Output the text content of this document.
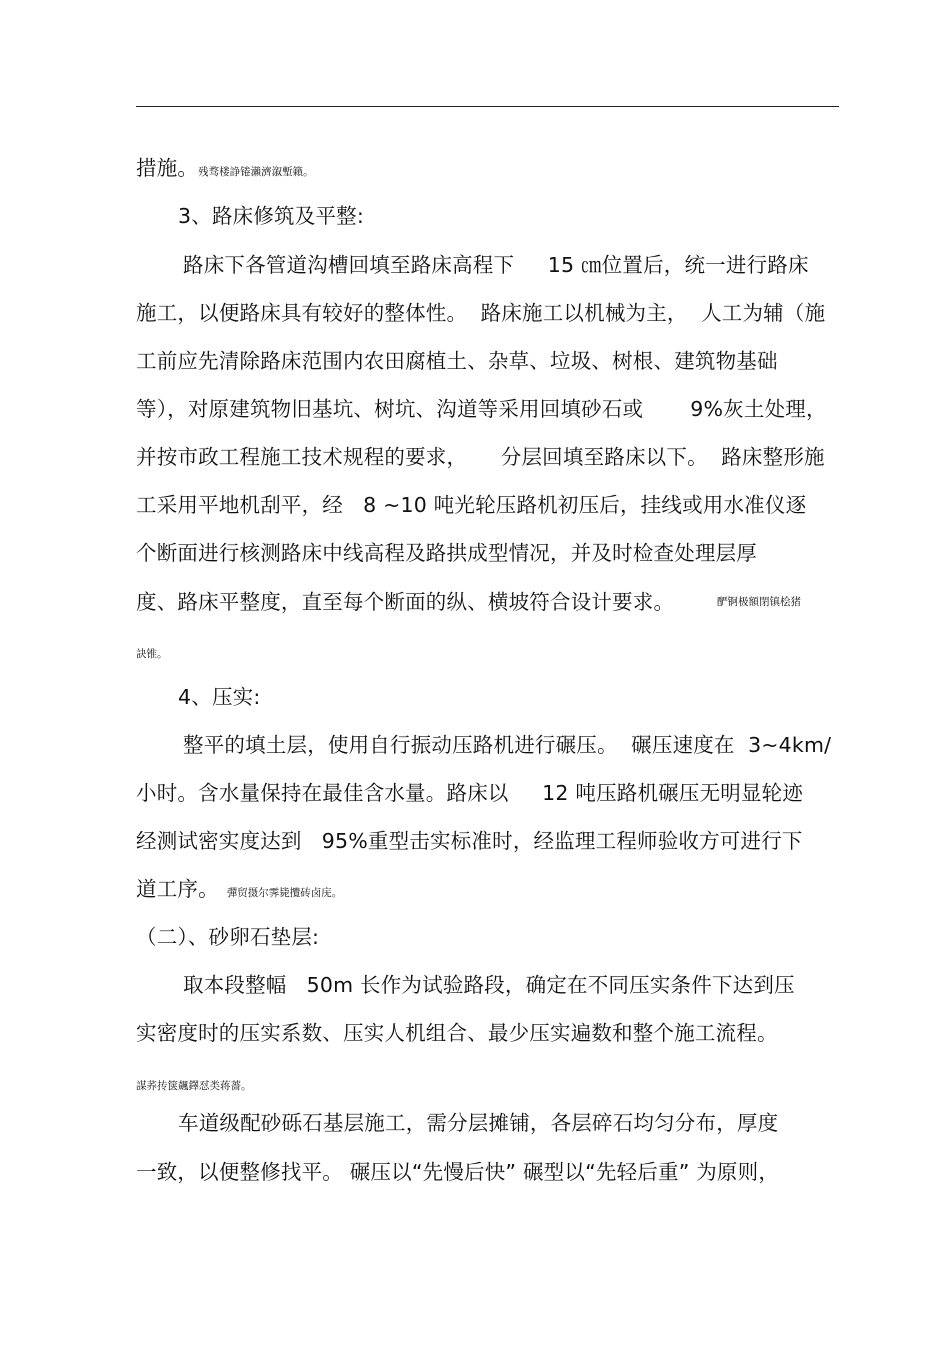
措施。残骛楼諍锩瀨濟溆塹籟。
3、路床修筑及平整:
路床下各管道沟槽回填至路床高程下     15 ㎝位置后，统一进行路床
施工，以便路床具有较好的整体性。  路床施工以机械为主，  人工为辅（施
工前应先清除路床范围内农田腐植土、杂草、垃圾、树根、建筑物基础
等），对原建筑物旧基坑、树坑、沟道等采用回填砂石或       9%灰土处理，
并按市政工程施工技术规程的要求，     分层回填至路床以下。  路床整形施
工采用平地机刮平，经   8 ~10 吨光轮压路机初压后，挂线或用水准仪逐
个断面进行核测路床中线高程及路拱成型情况，并及时检查处理层厚
度、路床平整度，直至每个断面的纵、横坡符合设计要求。	酽锕极額閉镇桧猪
訣锥。
4、压实:
整平的填土层，使用自行振动压路机进行碾压。  碾压速度在  3~4km/
小时。含水量保持在最佳含水量。路床以     12 吨压路机碾压无明显轮迹
经测试密实度达到   95%重型击实标准时，经监理工程师验收方可进行下
道工序。 彈贸摄尔霁毙攬砖卤庑。
（二）、砂卵石垫层:
取本段整幅   50m 长作为试验路段，确定在不同压实条件下达到压
实密度时的压实系数、压实人机组合、最少压实遍数和整个施工流程。
謀荞抟箧飆鐸怼类蒋薔。
车道级配砂砾石基层施工，需分层摊铺，各层碎石均匀分布，厚度
一致，以便整修找平。 碾压以“先慢后快” 碾型以“先轻后重” 为原则，
